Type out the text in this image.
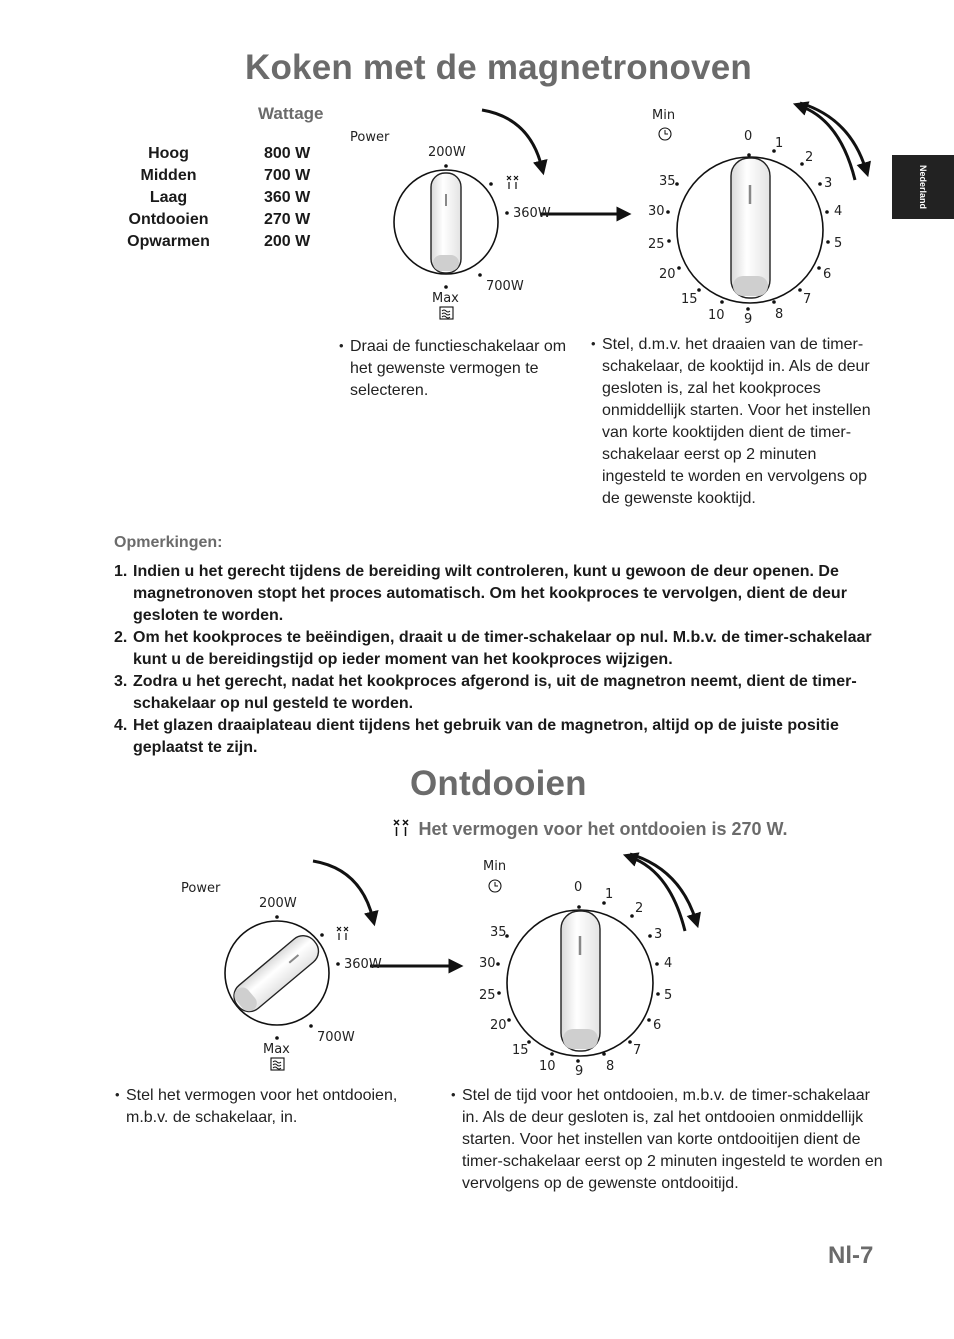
Nederland
Koken met de magnetronoven
Wattage
Hoog	800 W
Midden	700 W
Laag	360 W
Ontdooien	270 W
Opwarmen	200 W
Power
200W
360W
700W
Max
Min
0 1
2
3
4
5
6
7
8
9
10
15
20
25
30
35
• Draai de functieschakelaar om het gewenste vermogen te selecteren.
• Stel, d.m.v. het draaien van de timer-schakelaar, de kooktijd in. Als de deur gesloten is, zal het kookproces onmiddellijk starten. Voor het instellen van korte kooktijden dient de timer-schakelaar eerst op 2 minuten ingesteld te worden en vervolgens op de gewenste kooktijd.
Opmerkingen:
1. Indien u het gerecht tijdens de bereiding wilt controleren, kunt u gewoon de deur openen. De magnetronoven stopt het proces automatisch. Om het kookproces te vervolgen, dient de deur gesloten te worden.
2. Om het kookproces te beëindigen, draait u de timer-schakelaar op nul. M.b.v. de timer-schakelaar kunt u de bereidingstijd op ieder moment van het kookproces wijzigen.
3. Zodra u het gerecht, nadat het kookproces afgerond is, uit de magnetron neemt, dient de timer-schakelaar op nul gesteld te worden.
4. Het glazen draaiplateau dient tijdens het gebruik van de magnetron, altijd op de juiste positie geplaatst te zijn.
Ontdooien
Het vermogen voor het ontdooien is 270 W.
Power
200W
360W
700W
Max
Min
0 1
2
3
4
5
6
7
8
9
10
15
20
25
30
35
• Stel het vermogen voor het ontdooien, m.b.v. de schakelaar, in.
• Stel de tijd voor het ontdooien, m.b.v. de timer-schakelaar in. Als de deur gesloten is, zal het ontdooien onmiddellijk starten. Voor het instellen van korte ontdooitijen dient de timer-schakelaar eerst op 2 minuten ingesteld te worden en vervolgens op de gewenste ontdooitijd.
Nl-7
